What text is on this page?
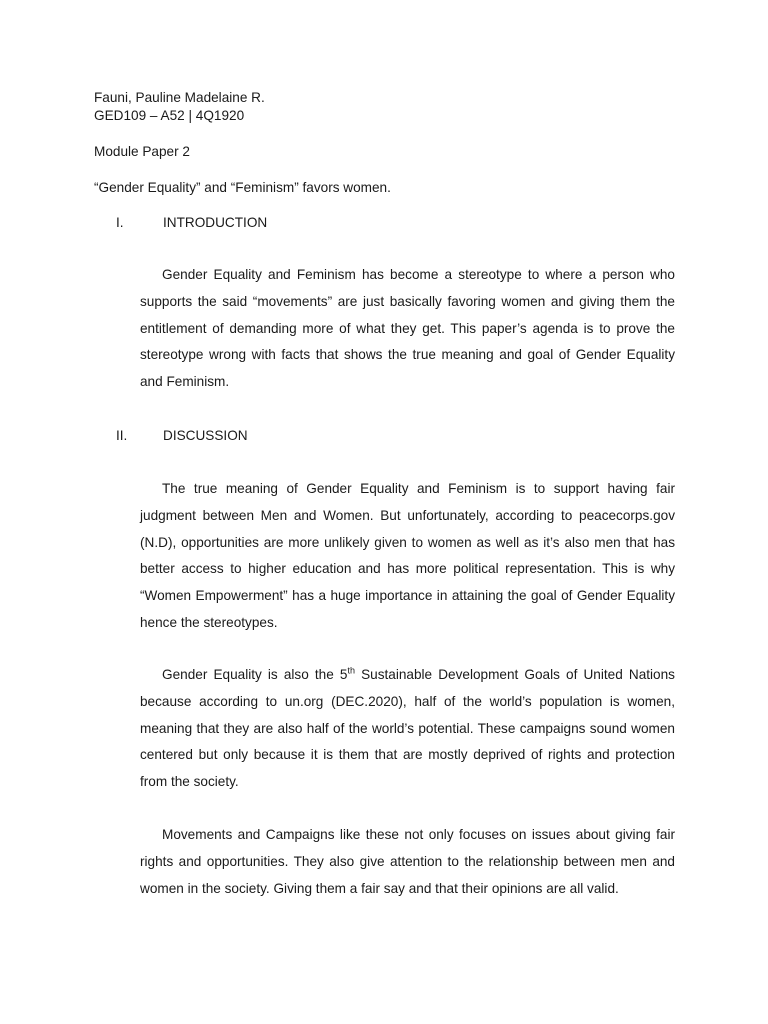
Fauni, Pauline Madelaine R.

GED109 – A52 | 4Q1920

Module Paper 2

“Gender Equality” and “Feminism” favors women.

I.	INTRODUCTION

Gender Equality and Feminism has become a stereotype to where a person who supports the said “movements” are just basically favoring women and giving them the entitlement of demanding more of what they get. This paper’s agenda is to prove the stereotype wrong with facts that shows the true meaning and goal of Gender Equality and Feminism.

II.	DISCUSSION

The true meaning of Gender Equality and Feminism is to support having fair judgment between Men and Women. But unfortunately, according to peacecorps.gov (N.D), opportunities are more unlikely given to women as well as it’s also men that has better access to higher education and has more political representation. This is why “Women Empowerment” has a huge importance in attaining the goal of Gender Equality hence the stereotypes.

Gender Equality is also the 5th Sustainable Development Goals of United Nations because according to un.org (DEC.2020), half of the world’s population is women, meaning that they are also half of the world’s potential. These campaigns sound women centered but only because it is them that are mostly deprived of rights and protection from the society.

Movements and Campaigns like these not only focuses on issues about giving fair rights and opportunities. They also give attention to the relationship between men and women in the society. Giving them a fair say and that their opinions are all valid.
